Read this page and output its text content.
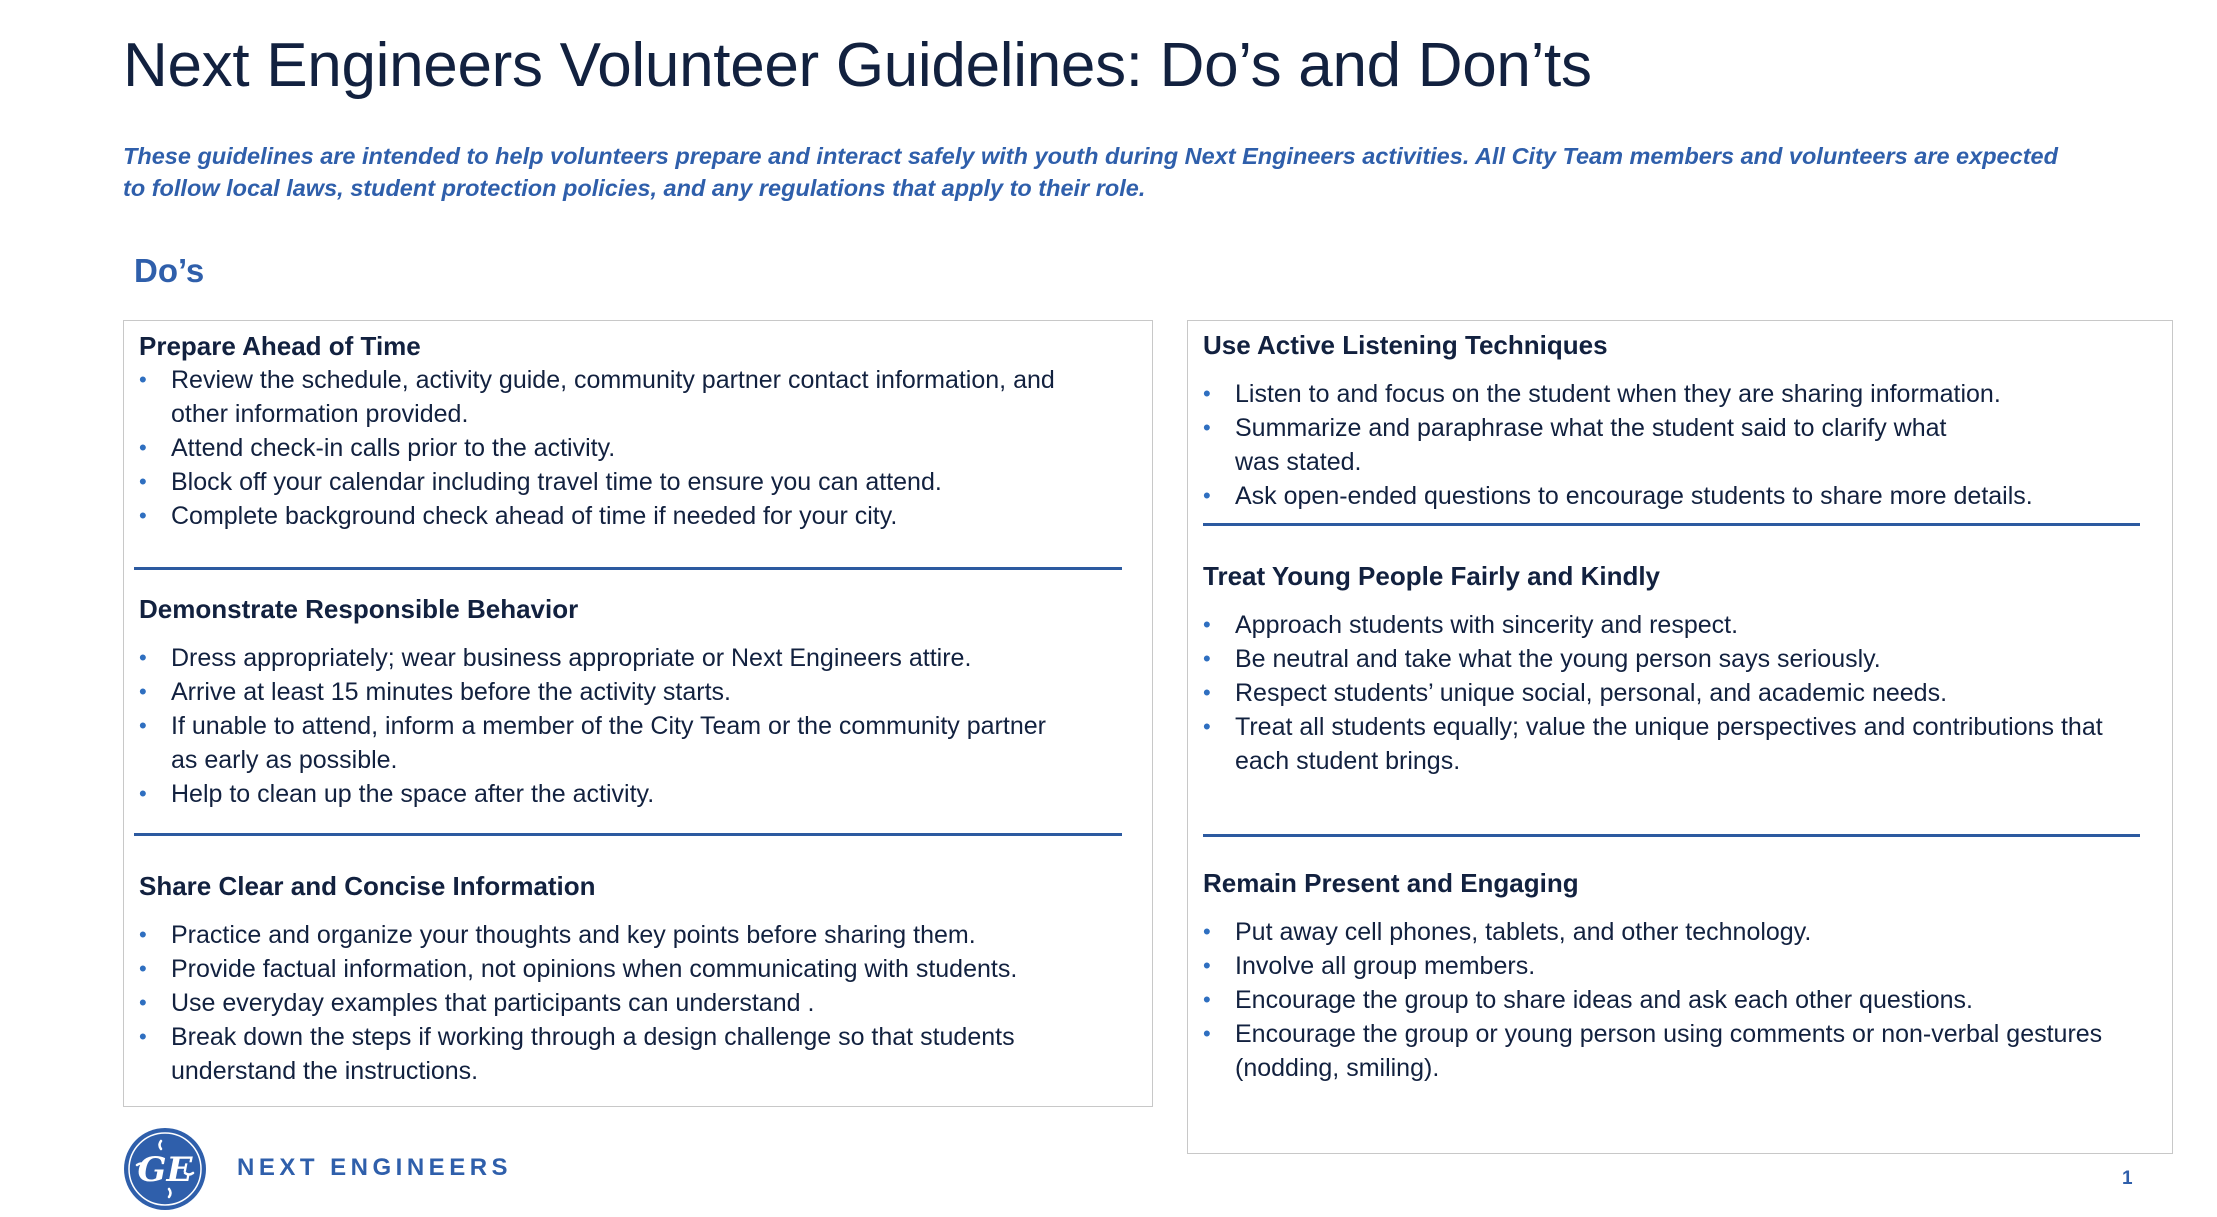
Next Engineers Volunteer Guidelines: Do’s and Don’ts
These guidelines are intended to help volunteers prepare and interact safely with youth during Next Engineers activities. All City Team members and volunteers are expected to follow local laws, student protection policies, and any regulations that apply to their role.
Do’s
Prepare Ahead of Time
• Review the schedule, activity guide, community partner contact information, and other information provided.
• Attend check-in calls prior to the activity.
• Block off your calendar including travel time to ensure you can attend.
• Complete background check ahead of time if needed for your city.
Demonstrate Responsible Behavior
• Dress appropriately; wear business appropriate or Next Engineers attire.
• Arrive at least 15 minutes before the activity starts.
• If unable to attend, inform a member of the City Team or the community partner as early as possible.
• Help to clean up the space after the activity.
Share Clear and Concise Information
• Practice and organize your thoughts and key points before sharing them.
• Provide factual information, not opinions when communicating with students.
• Use everyday examples that participants can understand .
• Break down the steps if working through a design challenge so that students understand the instructions.
Use Active Listening Techniques
• Listen to and focus on the student when they are sharing information.
• Summarize and paraphrase what the student said to clarify what was stated.
• Ask open-ended questions to encourage students to share more details.
Treat Young People Fairly and Kindly
• Approach students with sincerity and respect.
• Be neutral and take what the young person says seriously.
• Respect students’ unique social, personal, and academic needs.
• Treat all students equally; value the unique perspectives and contributions that each student brings.
Remain Present and Engaging
• Put away cell phones, tablets, and other technology.
• Involve all group members.
• Encourage the group to share ideas and ask each other questions.
• Encourage the group or young person using comments or non-verbal gestures (nodding, smiling).
GE NEXT ENGINEERS	1
